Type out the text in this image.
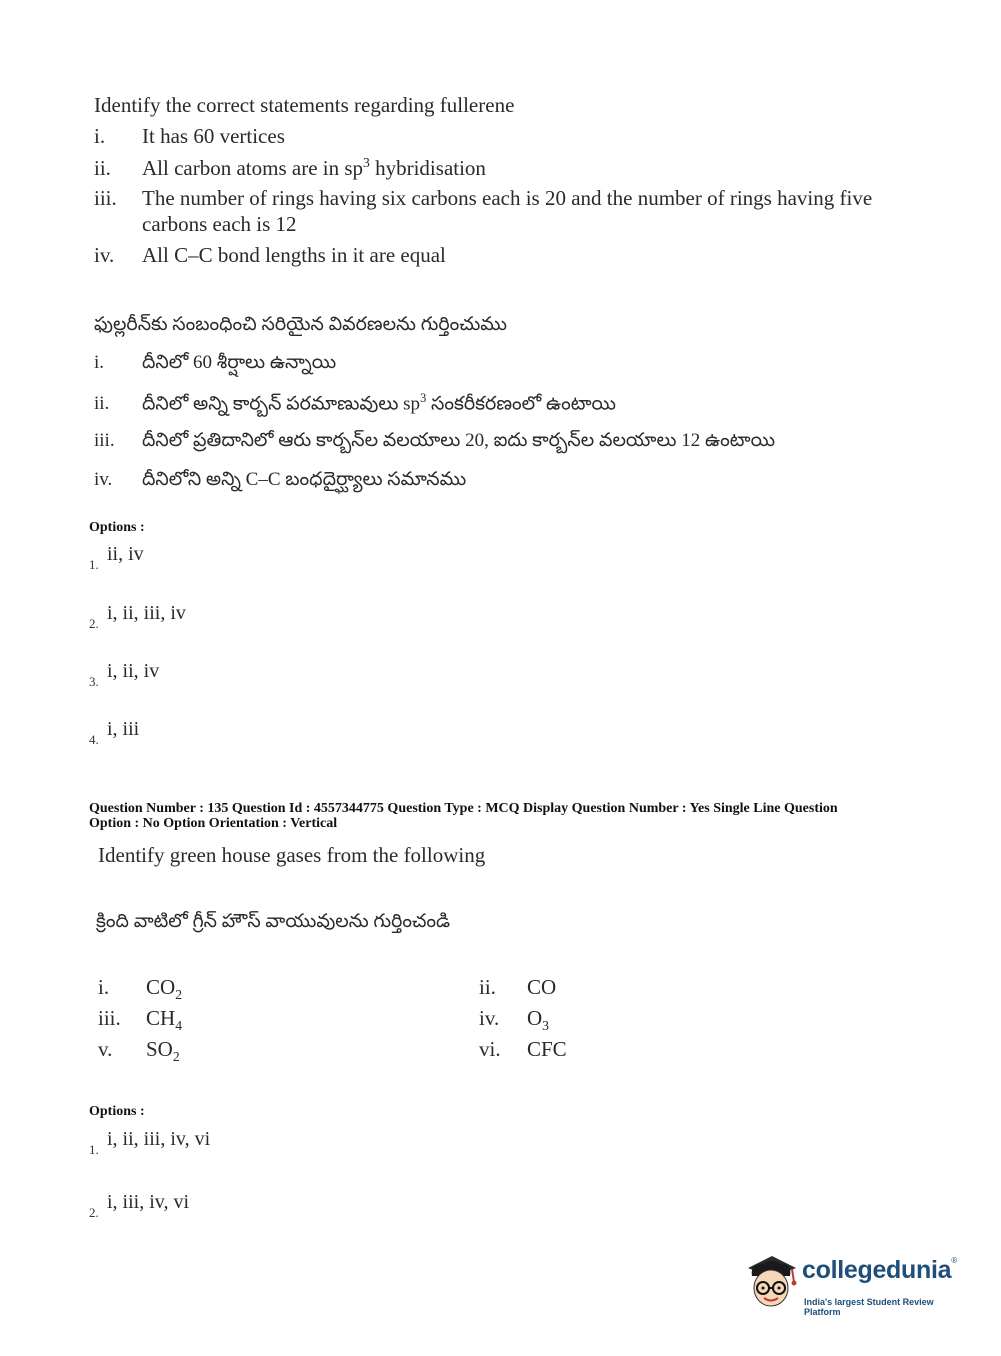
Identify the correct statements regarding fullerene
i. It has 60 vertices
ii. All carbon atoms are in $sp^3$ hybridisation
iii. The number of rings having six carbons each is 20 and the number of rings having five
carbons each is 12
iv. All C–C bond lengths in it are equal
ఫుల్లరీన్‌కు సంబంధించి సరియైన వివరణలను గుర్తించుము
i. దీనిలో 60 శీర్షాలు ఉన్నాయి
ii. దీనిలో అన్ని కార్బన్ పరమాణువులు $sp^3$ సంకరీకరణంలో ఉంటాయి
iii. దీనిలో ప్రతిదానిలో ఆరు కార్బన్‌ల వలయాలు 20, ఐదు కార్బన్‌ల వలయాలు 12 ఉంటాయి
iv. దీనిలోని అన్ని C–C బంధదైర్ఘ్యాలు సమానము
Options :
1. ii, iv
2. i, ii, iii, iv
3. i, ii, iv
4. i, iii
Question Number : 135 Question Id : 4557344775 Question Type : MCQ Display Question Number : Yes Single Line Question
Option : No Option Orientation : Vertical
Identify green house gases from the following
క్రింది వాటిలో గ్రీన్ హౌస్ వాయువులను గుర్తించండి
i. $CO_2$	ii. CO
iii. $CH_4$	iv. $O_3$
v. $SO_2$	vi. CFC
Options :
1. i, ii, iii, iv, vi
2. i, iii, iv, vi
collegedunia®
India's largest Student Review Platform
